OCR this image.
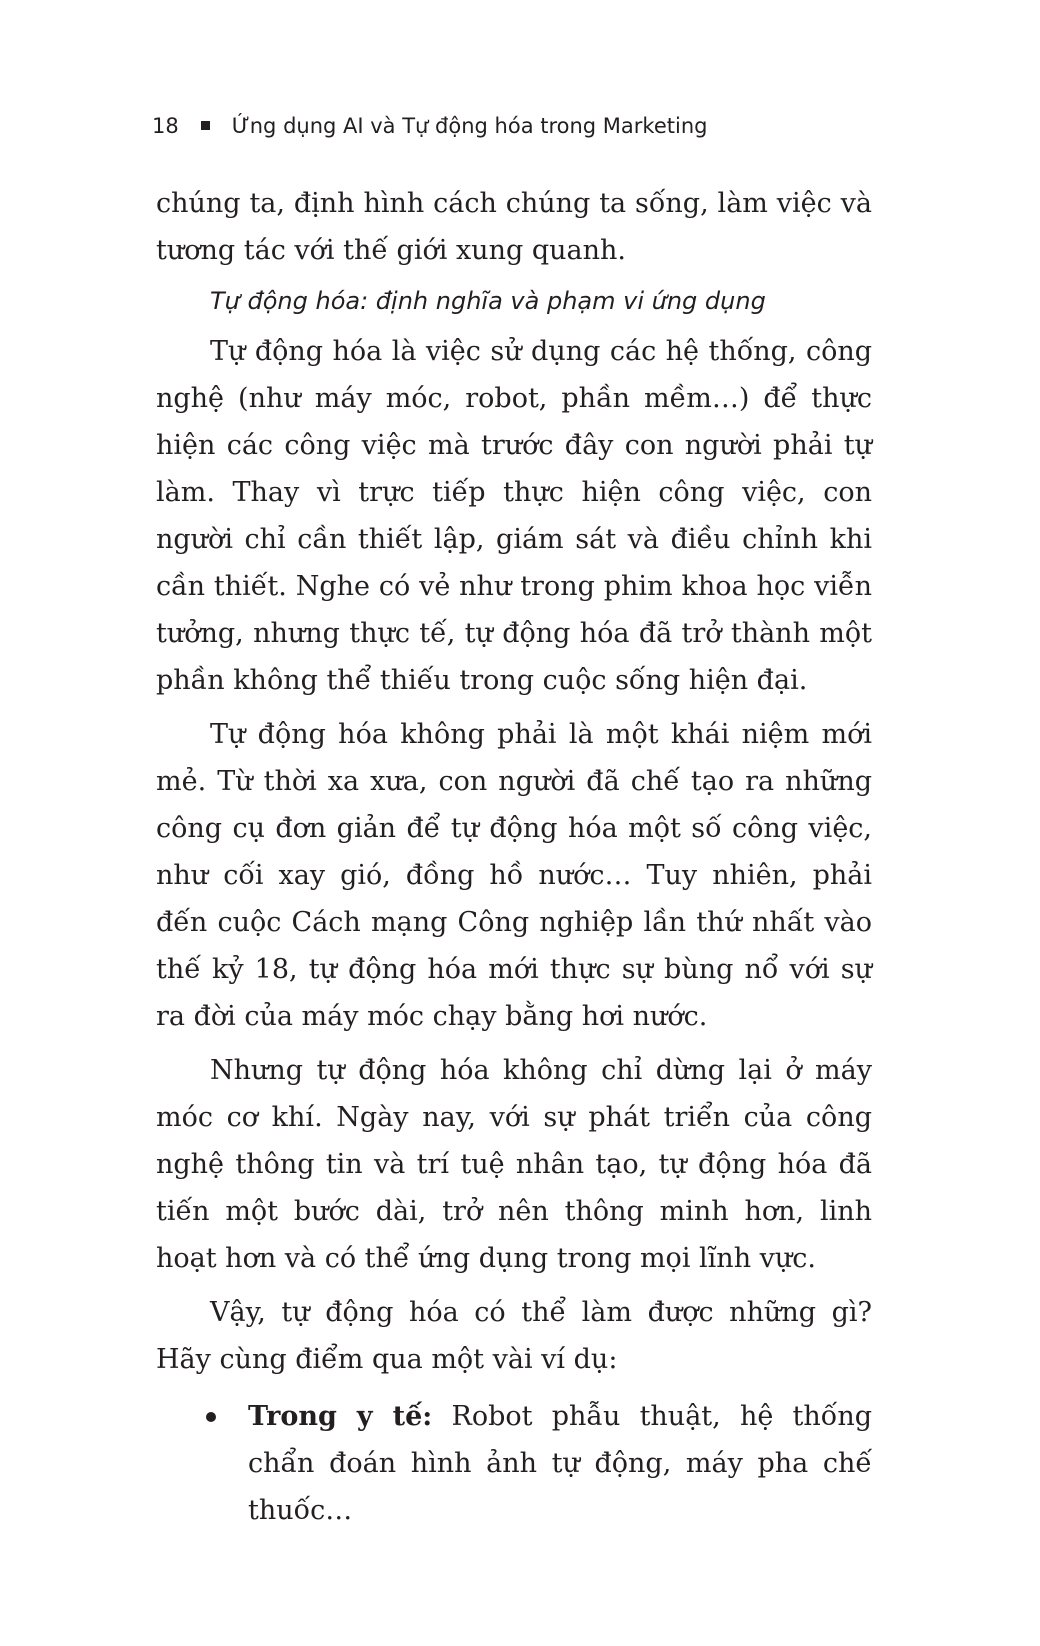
18	Ứng dụng AI và Tự động hóa trong Marketing

chúng ta, định hình cách chúng ta sống, làm việc và tương tác với thế giới xung quanh.

Tự động hóa: định nghĩa và phạm vi ứng dụng

Tự động hóa là việc sử dụng các hệ thống, công nghệ (như máy móc, robot, phần mềm…) để thực hiện các công việc mà trước đây con người phải tự làm. Thay vì trực tiếp thực hiện công việc, con người chỉ cần thiết lập, giám sát và điều chỉnh khi cần thiết. Nghe có vẻ như trong phim khoa học viễn tưởng, nhưng thực tế, tự động hóa đã trở thành một phần không thể thiếu trong cuộc sống hiện đại.

Tự động hóa không phải là một khái niệm mới mẻ. Từ thời xa xưa, con người đã chế tạo ra những công cụ đơn giản để tự động hóa một số công việc, như cối xay gió, đồng hồ nước… Tuy nhiên, phải đến cuộc Cách mạng Công nghiệp lần thứ nhất vào thế kỷ 18, tự động hóa mới thực sự bùng nổ với sự ra đời của máy móc chạy bằng hơi nước.

Nhưng tự động hóa không chỉ dừng lại ở máy móc cơ khí. Ngày nay, với sự phát triển của công nghệ thông tin và trí tuệ nhân tạo, tự động hóa đã tiến một bước dài, trở nên thông minh hơn, linh hoạt hơn và có thể ứng dụng trong mọi lĩnh vực.

Vậy, tự động hóa có thể làm được những gì? Hãy cùng điểm qua một vài ví dụ:

Trong y tế: Robot phẫu thuật, hệ thống chẩn đoán hình ảnh tự động, máy pha chế thuốc…
